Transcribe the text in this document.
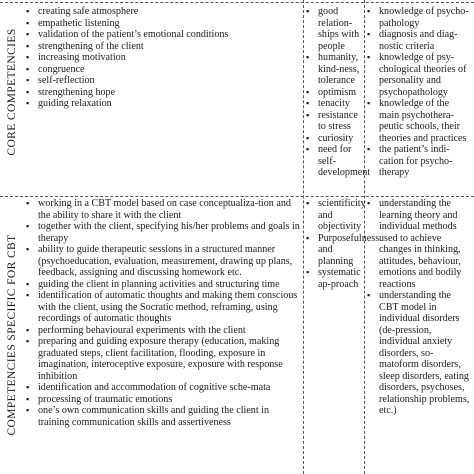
CORE COMPETENCIES
COMPETENCIES SPECIFIC FOR CBT
▪ creating safe atmosphere
▪ empathetic listening
▪ validation of the patient’s emotional conditions
▪ strengthening of the client
▪ increasing motivation
▪ congruence
▪ self-reflection
▪ strengthening hope
▪ guiding relaxation
▪ good relation-ships with people
▪ humanity, kind-ness, tolerance
▪ optimism
▪ tenacity
▪ resistance to stress
▪ curiosity
▪ need for self-development
▪ knowledge of psycho-pathology
▪ diagnosis and diag-nostic criteria
▪ knowledge of psy-chological theories of personality and psychopathology
▪ knowledge of the main psychothera-peutic schools, their theories and practices
▪ the patient’s indi-cation for psycho-therapy
▪ working in a CBT model based on case conceptualiza-tion and the ability to share it with the client
▪ together with the client, specifying his/her problems and goals in therapy
▪ ability to guide therapeutic sessions in a structured manner (psychoeducation, evaluation, measurement, drawing up plans, feedback, assigning and discussing homework etc.
▪ guiding the client in planning activities and structuring time
▪ identification of automatic thoughts and making them conscious with the client, using the Socratic method, reframing, using recordings of automatic thoughts
▪ performing behavioural experiments with the client
▪ preparing and guiding exposure therapy (education, making graduated steps, client facilitation, flooding, exposure in imagination, interoceptive exposure, exposure with response inhibition
▪ identification and accommodation of cognitive sche-mata
▪ processing of traumatic emotions
▪ one’s own communication skills and guiding the client in training communication skills and assertiveness
▪ scientificity and objectivity
▪ Purposefulness and planning
▪ systematic ap-proach
▪ understanding the learning theory and individual methods used to achieve changes in thinking, attitudes, behaviour, emotions and bodily reactions
▪ understanding the CBT model in individual disorders (de-pression, individual anxiety disorders, so-matoform disorders, sleep disorders, eating disorders, psychoses, relationship problems, etc.)
